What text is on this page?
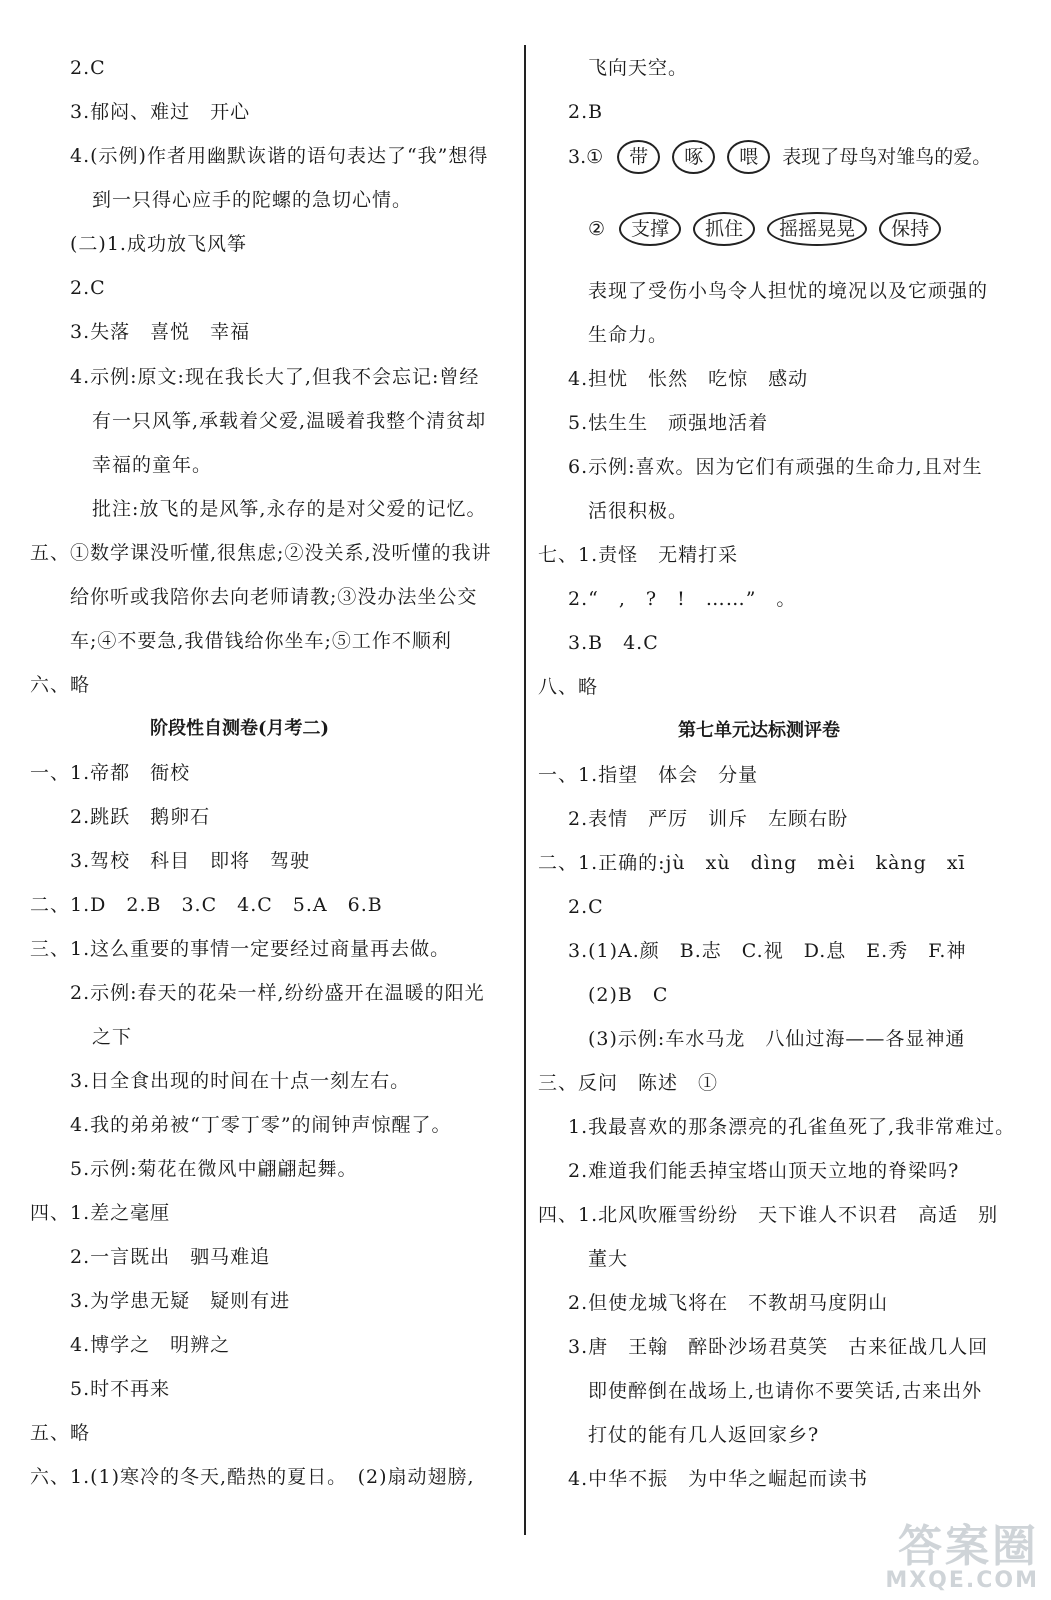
2.C
3.郁闷、难过　开心
4.(示例)作者用幽默诙谐的语句表达了“我”想得
到一只得心应手的陀螺的急切心情。
(二)1.成功放飞风筝
2.C
3.失落　喜悦　幸福
4.示例:原文:现在我长大了,但我不会忘记:曾经
有一只风筝,承载着父爱,温暖着我整个清贫却
幸福的童年。
批注:放飞的是风筝,永存的是对父爱的记忆。
五、①数学课没听懂,很焦虑;②没关系,没听懂的我讲
给你听或我陪你去向老师请教;③没办法坐公交
车;④不要急,我借钱给你坐车;⑤工作不顺利
六、略
一、1.帝都　衙校
2.跳跃　鹅卵石
3.驾校　科目　即将　驾驶
二、1.D　2.B　3.C　4.C　5.A　6.B
三、1.这么重要的事情一定要经过商量再去做。
2.示例:春天的花朵一样,纷纷盛开在温暖的阳光
之下
3.日全食出现的时间在十点一刻左右。
4.我的弟弟被“丁零丁零”的闹钟声惊醒了。
5.示例:菊花在微风中翩翩起舞。
四、1.差之毫厘
2.一言既出　驷马难追
3.为学患无疑　疑则有进
4.博学之　明辨之
5.时不再来
五、略
六、1.(1)寒冷的冬天,酷热的夏日。　(2)扇动翅膀,
阶段性自测卷(月考二)
飞向天空。
2.B
表现了受伤小鸟令人担忧的境况以及它顽强的
生命力。
4.担忧　怅然　吃惊　感动
5.怯生生　顽强地活着
6.示例:喜欢。因为它们有顽强的生命力,且对生
活很积极。
七、1.责怪　无精打采
2.“　,　?　!　……”　。
3.B　4.C
八、略
一、1.指望　体会　分量
2.表情　严厉　训斥　左顾右盼
二、1.正确的:jù　xù　dìng　mèi　kàng　xī
2.C
3.(1)A.颜　B.志　C.视　D.息　E.秀　F.神
(2)B　C
(3)示例:车水马龙　八仙过海——各显神通
三、反问　陈述　①
1.我最喜欢的那条漂亮的孔雀鱼死了,我非常难过。
2.难道我们能丢掉宝塔山顶天立地的脊梁吗?
四、1.北风吹雁雪纷纷　天下谁人不识君　高适　别
董大
2.但使龙城飞将在　不教胡马度阴山
3.唐　王翰　醉卧沙场君莫笑　古来征战几人回
即使醉倒在战场上,也请你不要笑话,古来出外
打仗的能有几人返回家乡?
4.中华不振　为中华之崛起而读书
第七单元达标测评卷
3.① 带 啄 喂 表现了母鸟对雏鸟的爱。
② 支撑 抓住 摇摇晃晃 保持
答案圈
MXQE.COM
